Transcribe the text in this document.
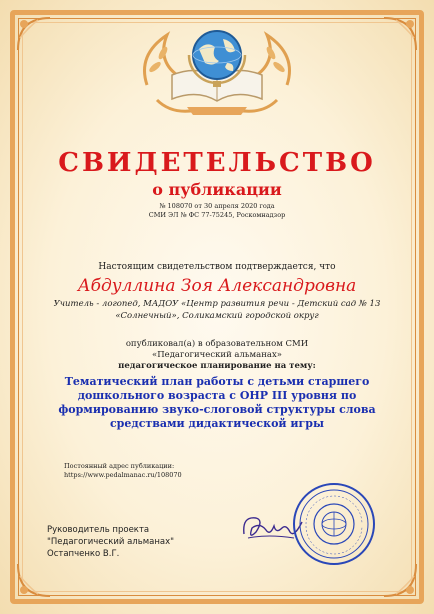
СВИДЕТЕЛЬСТВО
о публикации
№ 108070 от 30 апреля 2020 года
СМИ ЭЛ № ФС 77-75245, Роскомнадзор
Настоящим свидетельством подтверждается, что
Абдуллина Зоя Александровна
Учитель - логопед, МАДОУ «Центр развития речи - Детский сад № 13 «Солнечный», Соликамский городской округ
опубликовал(а) в образовательном СМИ
«Педагогический альманах»
педагогическое планирование на тему:
Тематический план работы с детьми старшего дошкольного возраста с ОНР III уровня по формированию звуко-слоговой структуры слова средствами дидактической игры
Постоянный адрес публикации:
https://www.pedalmanac.ru/108070
Руководитель проекта
"Педагогический альманах"
Остапченко В.Г.
